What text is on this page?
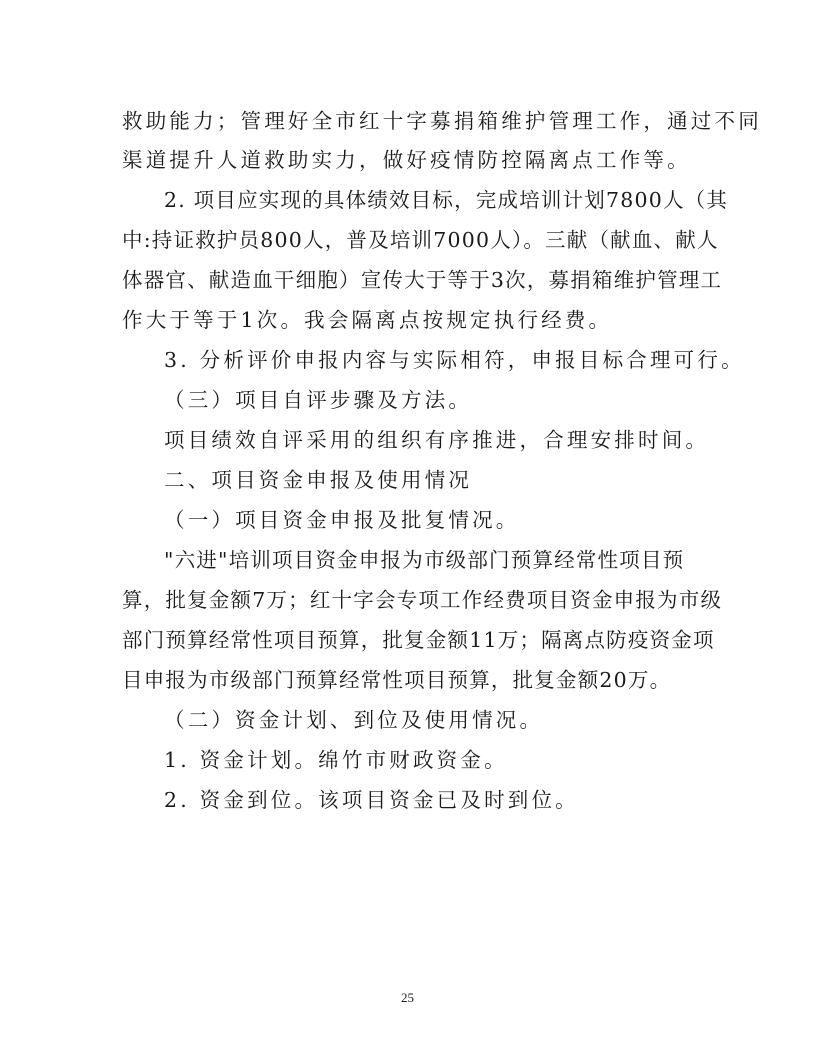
救助能力；管理好全市红十字募捐箱维护管理工作，通过不同
渠道提升人道救助实力，做好疫情防控隔离点工作等。
2. 项目应实现的具体绩效目标，完成培训计划7800人（其
中:持证救护员800人，普及培训7000人）。三献（献血、献人
体器官、献造血干细胞）宣传大于等于3次，募捐箱维护管理工
作大于等于1次。我会隔离点按规定执行经费。
3. 分析评价申报内容与实际相符，申报目标合理可行。
（三）项目自评步骤及方法。
项目绩效自评采用的组织有序推进，合理安排时间。
二、项目资金申报及使用情况
（一）项目资金申报及批复情况。
"六进"培训项目资金申报为市级部门预算经常性项目预
算，批复金额7万；红十字会专项工作经费项目资金申报为市级
部门预算经常性项目预算，批复金额11万；隔离点防疫资金项
目申报为市级部门预算经常性项目预算，批复金额20万。
（二）资金计划、到位及使用情况。
1. 资金计划。绵竹市财政资金。
2. 资金到位。该项目资金已及时到位。
25
